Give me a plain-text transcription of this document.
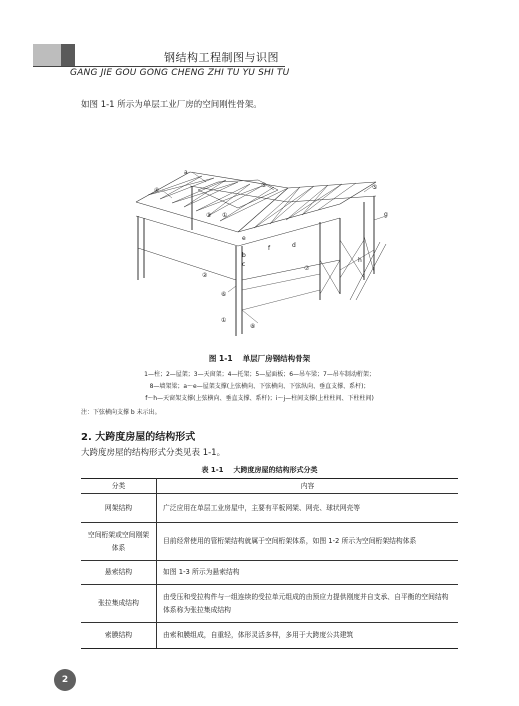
钢结构工程制图与识图
GANG JIE GOU GONG CHENG ZHI TU YU SHI TU
如图 1-1 所示为单层工业厂房的空间刚性骨架。
a
④
⑧	⑤
③ ①
e
f
b
c
d
⑦
②
⑥
①
⑧
g
h
图 1-1 单层厂房钢结构骨架
1—柱；2—屋架；3—天窗架；4—托架；5—屋面板；6—吊车梁；7—吊车制动桁架；
8—墙架梁；a～e—屋架支撑(上弦横向、下弦横向、下弦纵向、垂直支撑、系杆)；
f～h—天窗架支撑(上弦横向、垂直支撑、系杆)；i～j—柱间支撑(上柱柱间、下柱柱间)
注：下弦横向支撑 b 未示出。
2. 大跨度房屋的结构形式
大跨度房屋的结构形式分类见表 1-1。
表 1-1 大跨度房屋的结构形式分类
分类	内容
网架结构	广泛应用在单层工业房屋中，主要有平板网架、网壳、球状网壳等
空间桁架或空间刚架体系	目前经常使用的管桁架结构就属于空间桁架体系，如图 1-2 所示为空间桁架结构体系
悬索结构	如图 1-3 所示为悬索结构
张拉集成结构	由受压和受拉构件与一组连续的受拉单元组成的由预应力提供刚度并自支承、自平衡的空间结构体系称为张拉集成结构
索膜结构	由索和膜组成，自重轻，体形灵活多样，多用于大跨度公共建筑
2
